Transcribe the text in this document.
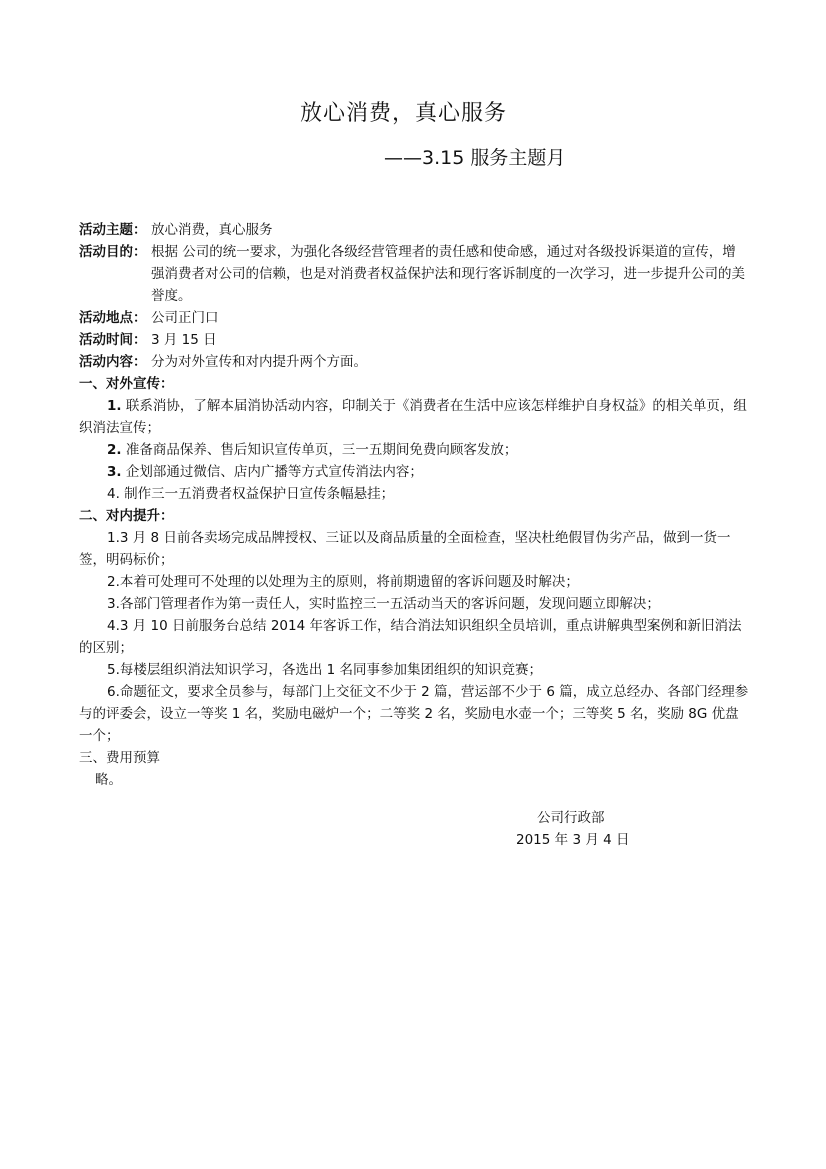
放心消费，真心服务
——3.15 服务主题月
活动主题： 放心消费，真心服务
活动目的： 根据 公司的统一要求，为强化各级经营管理者的责任感和使命感，通过对各级投诉渠道的宣传，增强消费者对公司的信赖，也是对消费者权益保护法和现行客诉制度的一次学习，进一步提升公司的美誉度。
活动地点： 公司正门口
活动时间： 3 月 15 日
活动内容： 分为对外宣传和对内提升两个方面。
一、对外宣传：
1. 联系消协，了解本届消协活动内容，印制关于《消费者在生活中应该怎样维护自身权益》的相关单页，组织消法宣传；
2. 准备商品保养、售后知识宣传单页，三一五期间免费向顾客发放；
3. 企划部通过微信、店内广播等方式宣传消法内容；
4. 制作三一五消费者权益保护日宣传条幅悬挂；
二、对内提升：
1.3 月 8 日前各卖场完成品牌授权、三证以及商品质量的全面检查，坚决杜绝假冒伪劣产品，做到一货一签，明码标价；
2.本着可处理可不处理的以处理为主的原则，将前期遗留的客诉问题及时解决；
3.各部门管理者作为第一责任人，实时监控三一五活动当天的客诉问题，发现问题立即解决；
4.3 月 10 日前服务台总结 2014 年客诉工作，结合消法知识组织全员培训，重点讲解典型案例和新旧消法的区别；
5.每楼层组织消法知识学习，各选出 1 名同事参加集团组织的知识竞赛；
6.命题征文，要求全员参与，每部门上交征文不少于 2 篇，营运部不少于 6 篇，成立总经办、各部门经理参与的评委会，设立一等奖 1 名，奖励电磁炉一个；二等奖 2 名，奖励电水壶一个；三等奖 5 名，奖励 8G 优盘一个；
三、费用预算
略。
公司行政部
2015 年 3 月 4 日
